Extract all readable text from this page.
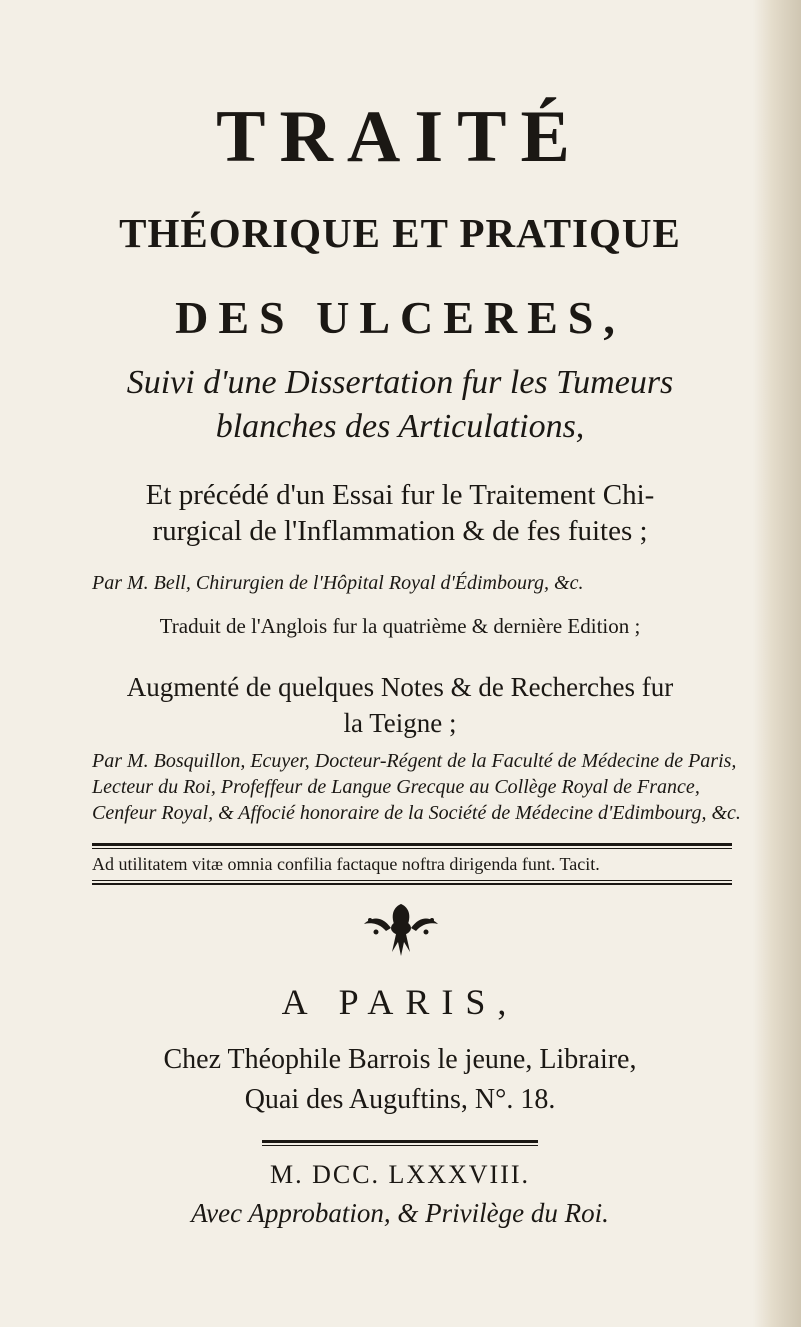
TRAITÉ
THÉORIQUE ET PRATIQUE
DES ULCERES,
Suivi d'une Dissertation fur les Tumeurs
blanches des Articulations,
Et précédé d'un Essai fur le Traitement Chi-
rurgical de l'Inflammation & de fes fuites ;
Par M. Bell, Chirurgien de l'Hôpital Royal d'Édimbourg, &c.
Traduit de l'Anglois fur la quatrième & dernière Edition ;
Augmenté de quelques Notes & de Recherches fur
la Teigne ;
Par M. Bosquillon, Ecuyer, Docteur-Régent de la Faculté de Médecine de Paris, Lecteur du Roi, Profeffeur de Langue Grecque au Collège Royal de France, Cenfeur Royal, & Affocié honoraire de la Société de Médecine d'Edimbourg, &c.
Ad utilitatem vitæ omnia confilia factaque noftra dirigenda funt. Tacit.
A PARIS,
Chez Théophile Barrois le jeune, Libraire,
Quai des Auguftins, N°. 18.
M. DCC. LXXXVIII.
Avec Approbation, & Privilège du Roi.
